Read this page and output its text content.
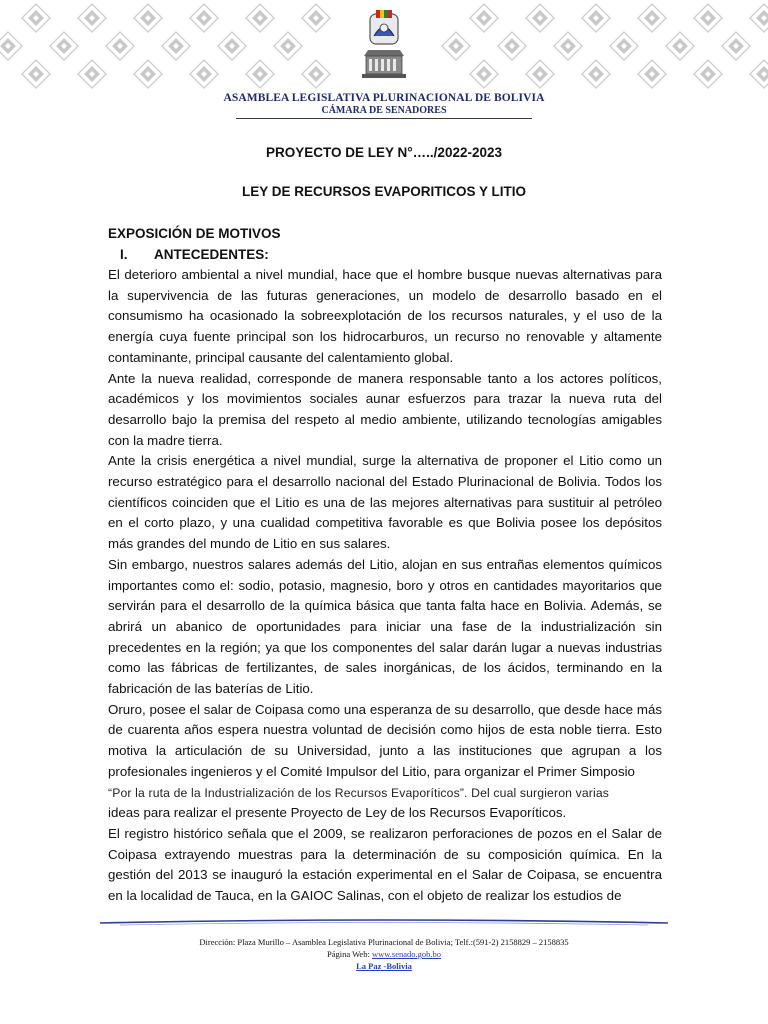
ASAMBLEA LEGISLATIVA PLURINACIONAL DE BOLIVIA
CÁMARA DE SENADORES
PROYECTO DE LEY N°…../2022-2023
LEY DE RECURSOS EVAPORITICOS Y LITIO
EXPOSICIÓN DE MOTIVOS
I. ANTECEDENTES:

El deterioro ambiental a nivel mundial, hace que el hombre busque nuevas alternativas para la supervivencia de las futuras generaciones, un modelo de desarrollo basado en el consumismo ha ocasionado la sobreexplotación de los recursos naturales, y el uso de la energía cuya fuente principal son los hidrocarburos, un recurso no renovable y altamente contaminante, principal causante del calentamiento global.

Ante la nueva realidad, corresponde de manera responsable tanto a los actores políticos, académicos y los movimientos sociales aunar esfuerzos para trazar la nueva ruta del desarrollo bajo la premisa del respeto al medio ambiente, utilizando tecnologías amigables con la madre tierra.

Ante la crisis energética a nivel mundial, surge la alternativa de proponer el Litio como un recurso estratégico para el desarrollo nacional del Estado Plurinacional de Bolivia. Todos los científicos coinciden que el Litio es una de las mejores alternativas para sustituir al petróleo en el corto plazo, y una cualidad competitiva favorable es que Bolivia posee los depósitos más grandes del mundo de Litio en sus salares.

Sin embargo, nuestros salares además del Litio, alojan en sus entrañas elementos químicos importantes como el: sodio, potasio, magnesio, boro y otros en cantidades mayoritarios que servirán para el desarrollo de la química básica que tanta falta hace en Bolivia. Además, se abrirá un abanico de oportunidades para iniciar una fase de la industrialización sin precedentes en la región; ya que los componentes del salar darán lugar a nuevas industrias como las fábricas de fertilizantes, de sales inorgánicas, de los ácidos, terminando en la fabricación de las baterías de Litio.

Oruro, posee el salar de Coipasa como una esperanza de su desarrollo, que desde hace más de cuarenta años espera nuestra voluntad de decisión como hijos de esta noble tierra. Esto motiva la articulación de su Universidad, junto a las instituciones que agrupan a los profesionales ingenieros y el Comité Impulsor del Litio, para organizar el Primer Simposio

“Por la ruta de la Industrialización de los Recursos Evaporíticos”. Del cual surgieron varias

ideas para realizar el presente Proyecto de Ley de los Recursos Evaporíticos.

El registro histórico señala que el 2009, se realizaron perforaciones de pozos en el Salar de Coipasa extrayendo muestras para la determinación de su composición química. En la gestión del 2013 se inauguró la estación experimental en el Salar de Coipasa, se encuentra en la localidad de Tauca, en la GAIOC Salinas, con el objeto de realizar los estudios de

Dirección: Plaza Murillo – Asamblea Legislativa Plurinacional de Bolivia; Telf.:(591-2) 2158829 – 2158835
Página Web: www.senado.gob.bo
La Paz -Bolivia
